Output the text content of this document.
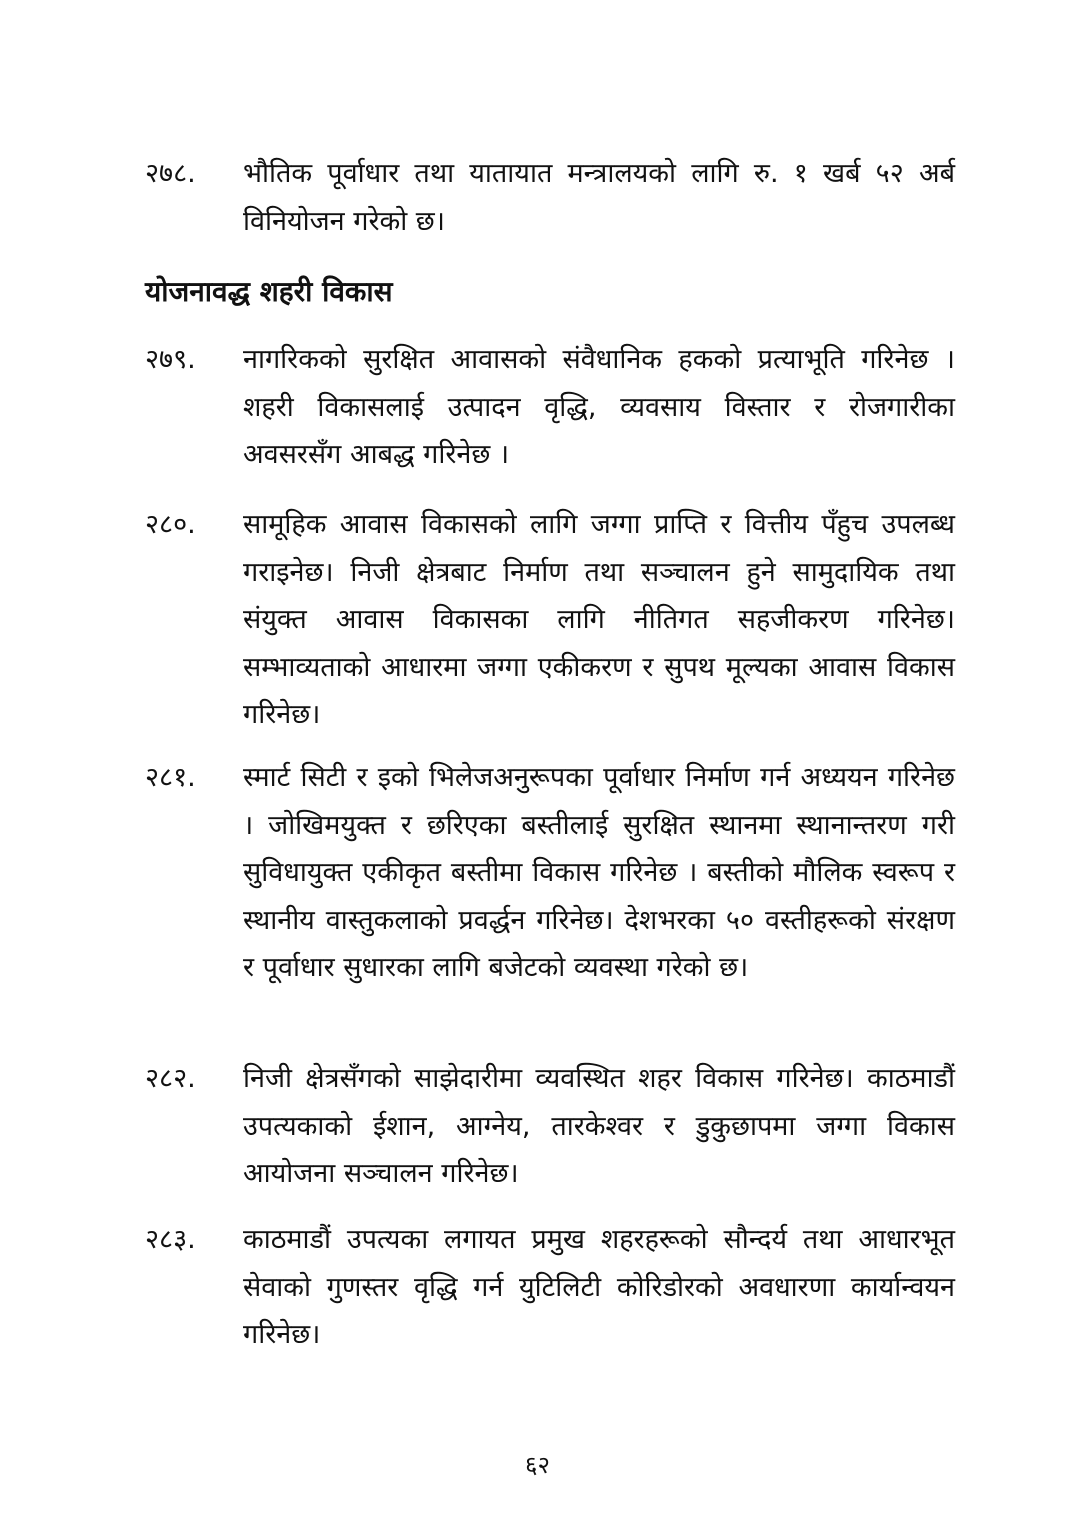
२७८.	भौतिक पूर्वाधार तथा यातायात मन्त्रालयको लागि रु. १ खर्ब ५२ अर्ब विनियोजन गरेको छ।
योजनावद्ध शहरी विकास
२७९.	नागरिकको सुरक्षित आवासको संवैधानिक हकको प्रत्याभूति गरिनेछ । शहरी विकासलाई उत्पादन वृद्धि, व्यवसाय विस्तार र रोजगारीका अवसरसँग आबद्ध गरिनेछ ।
२८०.	सामूहिक आवास विकासको लागि जग्गा प्राप्ति र वित्तीय पँहुच उपलब्ध गराइनेछ। निजी क्षेत्रबाट निर्माण तथा सञ्चालन हुने सामुदायिक तथा संयुक्त आवास विकासका लागि नीतिगत सहजीकरण गरिनेछ। सम्भाव्यताको आधारमा जग्गा एकीकरण र सुपथ मूल्यका आवास विकास गरिनेछ।
२८१.	स्मार्ट सिटी र इको भिलेजअनुरूपका पूर्वाधार निर्माण गर्न अध्ययन गरिनेछ । जोखिमयुक्त र छरिएका बस्तीलाई सुरक्षित स्थानमा स्थानान्तरण गरी सुविधायुक्त एकीकृत बस्तीमा विकास गरिनेछ । बस्तीको मौलिक स्वरूप र स्थानीय वास्तुकलाको प्रवर्द्धन गरिनेछ। देशभरका ५० वस्तीहरूको संरक्षण र पूर्वाधार सुधारका लागि बजेटको व्यवस्था गरेको छ।
२८२.	निजी क्षेत्रसँगको साझेदारीमा व्यवस्थित शहर विकास गरिनेछ। काठमाडौं उपत्यकाको ईशान, आग्नेय, तारकेश्वर र डुकुछापमा जग्गा विकास आयोजना सञ्चालन गरिनेछ।
२८३.	काठमाडौं उपत्यका लगायत प्रमुख शहरहरूको सौन्दर्य तथा आधारभूत सेवाको गुणस्तर वृद्धि गर्न युटिलिटी कोरिडोरको अवधारणा कार्यान्वयन गरिनेछ।
६२
